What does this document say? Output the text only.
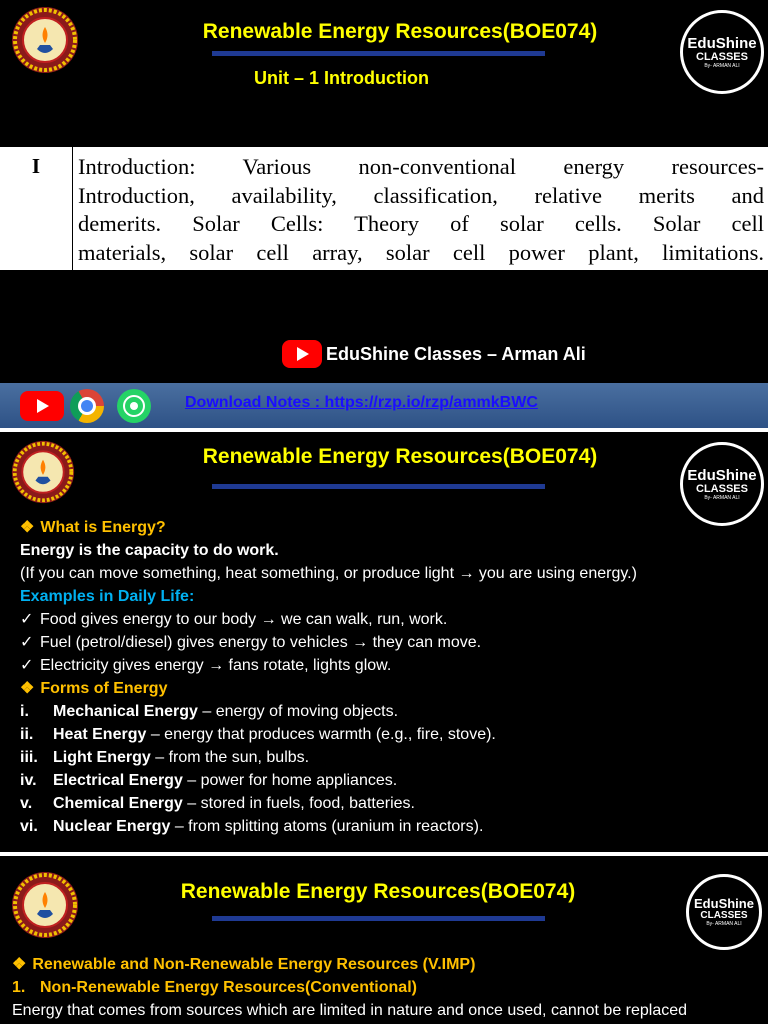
Renewable Energy Resources(BOE074)
Unit – 1 Introduction
EduShine
CLASSES
By- ARMAN ALI
I	Introduction: Various non-conventional energy resources-
Introduction, availability, classification, relative merits and
demerits. Solar Cells: Theory of solar cells. Solar cell
materials, solar cell array, solar cell power plant, limitations.
EduShine Classes – Arman Ali
Download Notes : https://rzp.io/rzp/ammkBWC
Renewable Energy Resources(BOE074)
EduShine
CLASSES
By- ARMAN ALI
❖ What is Energy?
Energy is the capacity to do work.
(If you can move something, heat something, or produce light → you are using energy.)
Examples in Daily Life:
✓ Food gives energy to our body → we can walk, run, work.
✓ Fuel (petrol/diesel) gives energy to vehicles → they can move.
✓ Electricity gives energy → fans rotate, lights glow.
❖ Forms of Energy
i. Mechanical Energy – energy of moving objects.
ii. Heat Energy – energy that produces warmth (e.g., fire, stove).
iii. Light Energy – from the sun, bulbs.
iv. Electrical Energy – power for home appliances.
v. Chemical Energy – stored in fuels, food, batteries.
vi. Nuclear Energy – from splitting atoms (uranium in reactors).
Renewable Energy Resources(BOE074)
EduShine
CLASSES
By- ARMAN ALI
❖ Renewable and Non-Renewable Energy Resources (V.IMP)
1. Non-Renewable Energy Resources(Conventional)
Energy that comes from sources which are limited in nature and once used, cannot be replaced
